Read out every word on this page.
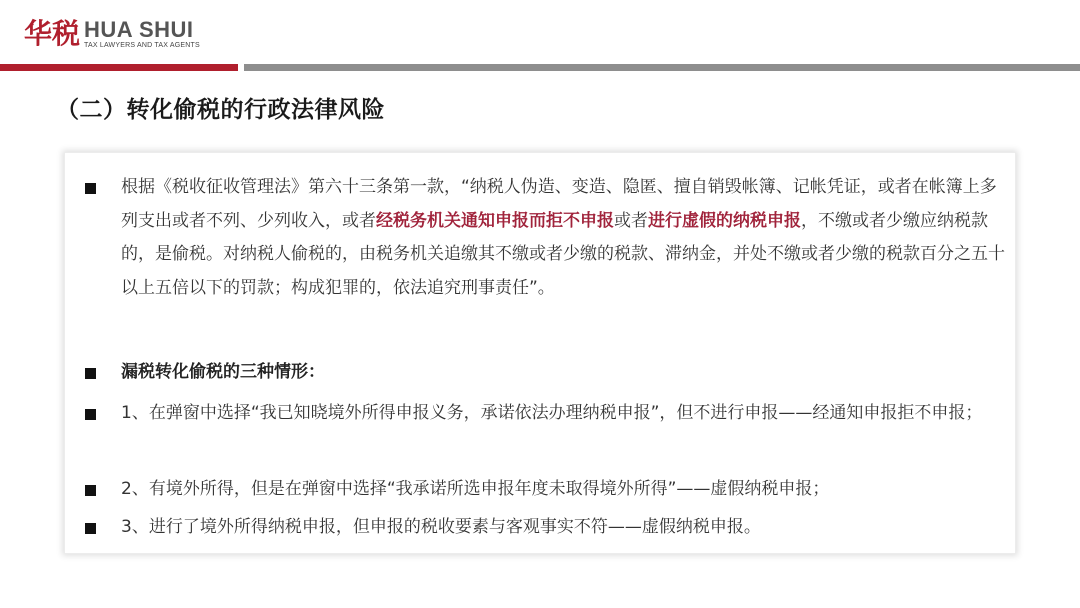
华税 HUA SHUI
TAX LAWYERS AND TAX AGENTS
（二）转化偷税的行政法律风险
根据《税收征收管理法》第六十三条第一款，“纳税人伪造、变造、隐匿、擅自销毁帐簿、记帐凭证，或者在帐簿上多列支出或者不列、少列收入，或者经税务机关通知申报而拒不申报或者进行虚假的纳税申报，不缴或者少缴应纳税款的，是偷税。对纳税人偷税的，由税务机关追缴其不缴或者少缴的税款、滞纳金，并处不缴或者少缴的税款百分之五十以上五倍以下的罚款；构成犯罪的，依法追究刑事责任”。
漏税转化偷税的三种情形：
1、在弹窗中选择“我已知晓境外所得申报义务，承诺依法办理纳税申报”，但不进行申报——经通知申报拒不申报；
2、有境外所得，但是在弹窗中选择“我承诺所选申报年度未取得境外所得”——虚假纳税申报；
3、进行了境外所得纳税申报，但申报的税收要素与客观事实不符——虚假纳税申报。
